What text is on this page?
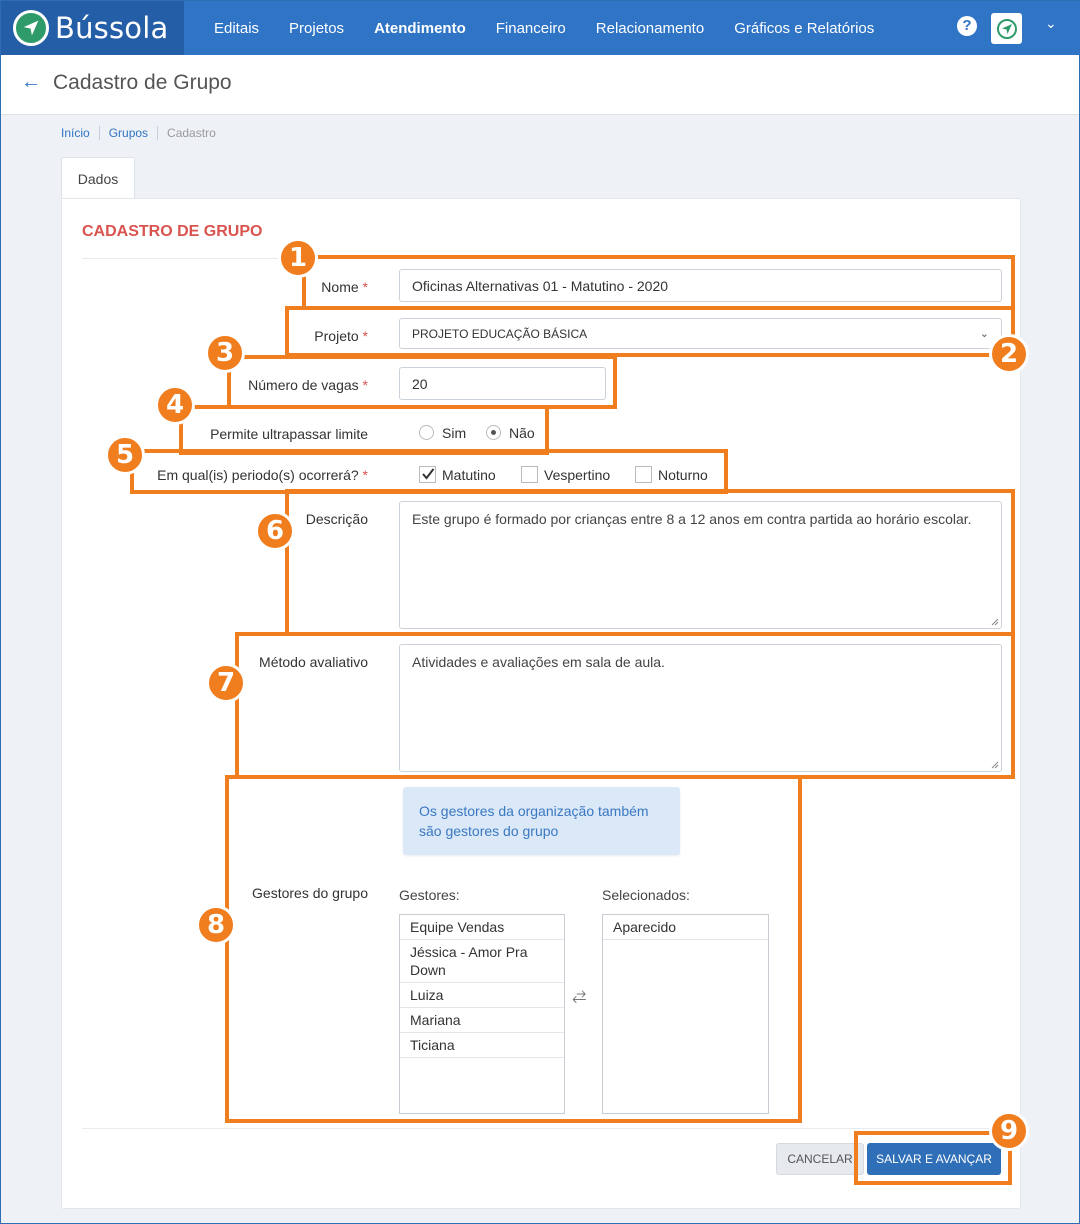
Bússola	Editais	Projetos	Atendimento	Financeiro	Relacionamento	Gráficos e Relatórios	?	⌄
← Cadastro de Grupo
Início	Grupos	Cadastro
Dados
CADASTRO DE GRUPO
Nome *	Oficinas Alternativas 01 - Matutino - 2020
Projeto *	PROJETO EDUCAÇÃO BÁSICA	⌄
Número de vagas *	20
Permite ultrapassar limite	Sim	Não
Em qual(is) periodo(s) ocorrerá? *	Matutino	Vespertino	Noturno
Descrição	Este grupo é formado por crianças entre 8 a 12 anos em contra partida ao horário escolar.
Método avaliativo	Atividades e avaliações em sala de aula.
Os gestores da organização também são gestores do grupo
Gestores do grupo Gestores:	Selecionados:
Equipe Vendas
Jéssica - Amor Pra Down
Luiza
Mariana
Ticiana
⥄
Aparecido
CANCELAR	SALVAR E AVANÇAR
1
2
3
4
5
6
7
8
9
